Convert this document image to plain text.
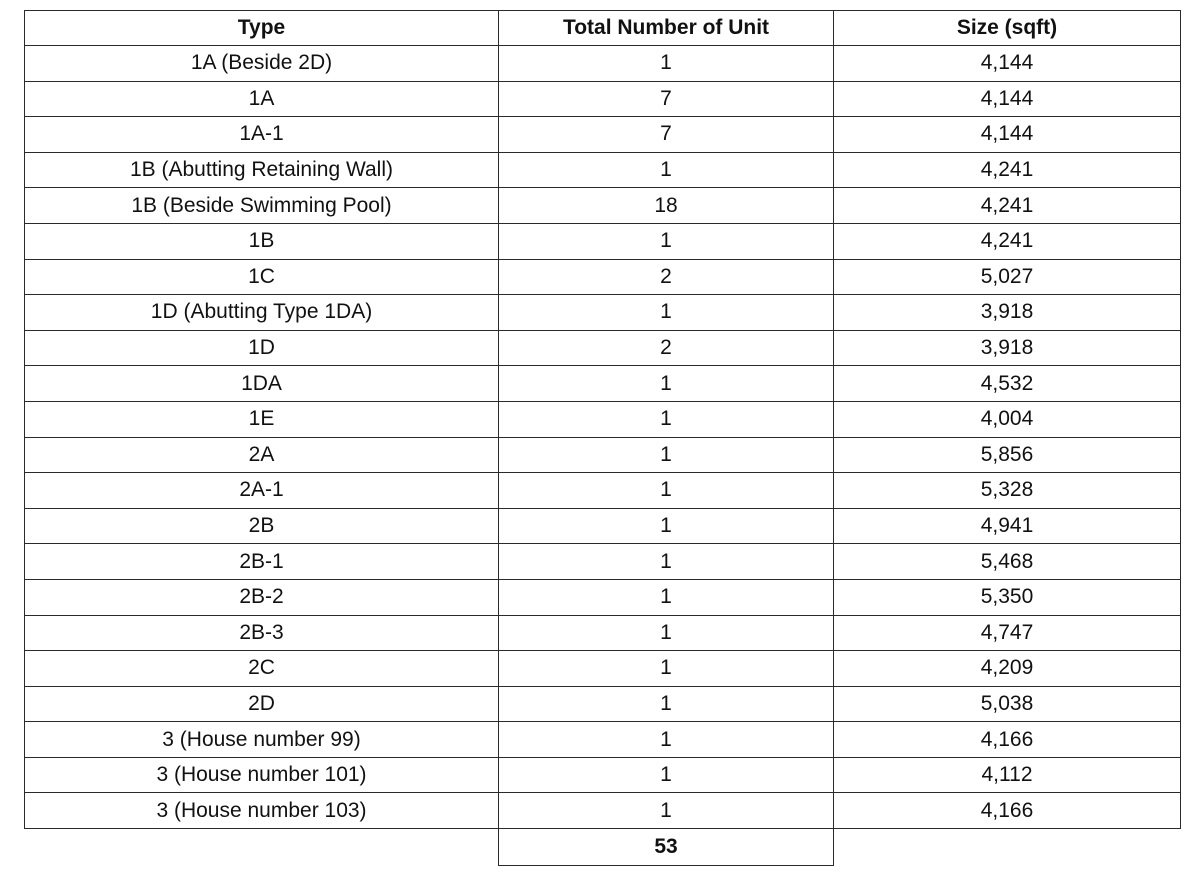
Type	Total Number of Unit	Size (sqft)
1A (Beside 2D)	1	4,144
1A	7	4,144
1A-1	7	4,144
1B (Abutting Retaining Wall)	1	4,241
1B (Beside Swimming Pool)	18	4,241
1B	1	4,241
1C	2	5,027
1D (Abutting Type 1DA)	1	3,918
1D	2	3,918
1DA	1	4,532
1E	1	4,004
2A	1	5,856
2A-1	1	5,328
2B	1	4,941
2B-1	1	5,468
2B-2	1	5,350
2B-3	1	4,747
2C	1	4,209
2D	1	5,038
3 (House number 99)	1	4,166
3 (House number 101)	1	4,112
3 (House number 103)	1	4,166
	53	
